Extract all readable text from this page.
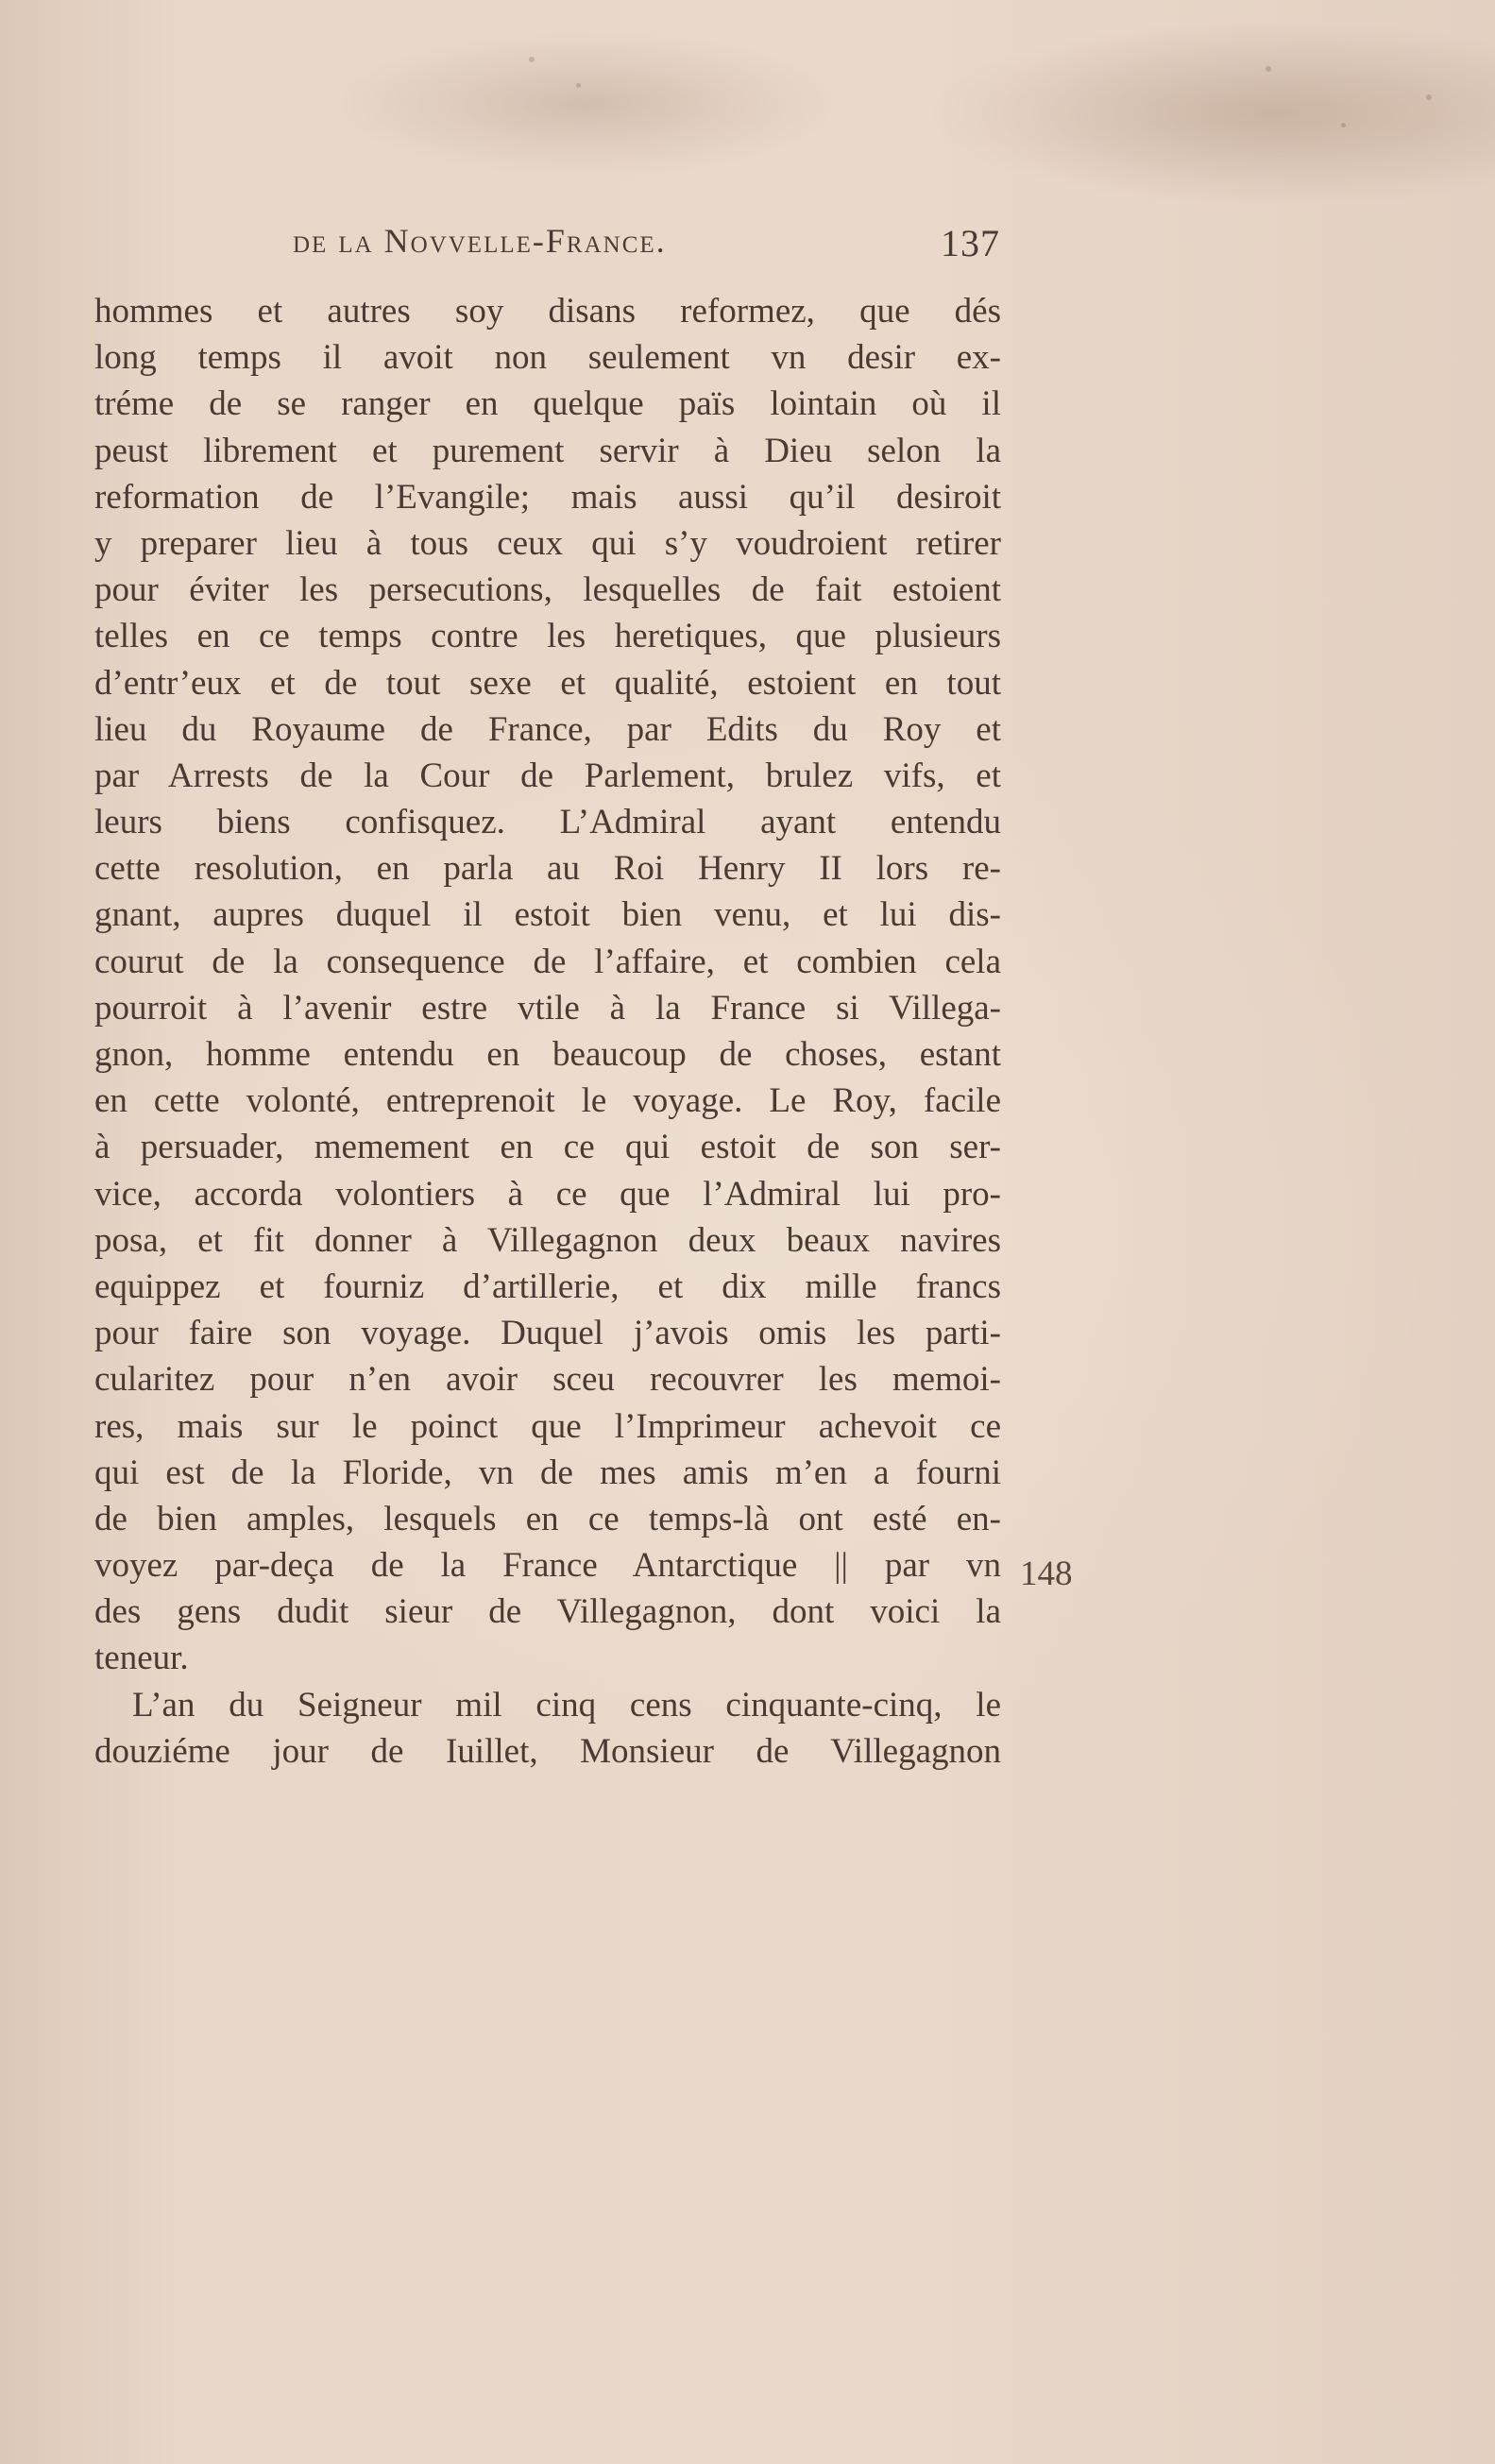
de la Novvelle-France.	137
hommes et autres soy disans reformez, que dés
long temps il avoit non seulement vn desir ex-
tréme de se ranger en quelque païs lointain où il
peust librement et purement servir à Dieu selon la
reformation de l’Evangile; mais aussi qu’il desiroit
y preparer lieu à tous ceux qui s’y voudroient retirer
pour éviter les persecutions, lesquelles de fait estoient
telles en ce temps contre les heretiques, que plusieurs
d’entr’eux et de tout sexe et qualité, estoient en tout
lieu du Royaume de France, par Edits du Roy et
par Arrests de la Cour de Parlement, brulez vifs, et
leurs biens confisquez. L’Admiral ayant entendu
cette resolution, en parla au Roi Henry II lors re-
gnant, aupres duquel il estoit bien venu, et lui dis-
courut de la consequence de l’affaire, et combien cela
pourroit à l’avenir estre vtile à la France si Villega-
gnon, homme entendu en beaucoup de choses, estant
en cette volonté, entreprenoit le voyage. Le Roy, facile
à persuader, memement en ce qui estoit de son ser-
vice, accorda volontiers à ce que l’Admiral lui pro-
posa, et fit donner à Villegagnon deux beaux navires
equippez et fourniz d’artillerie, et dix mille francs
pour faire son voyage. Duquel j’avois omis les parti-
cularitez pour n’en avoir sceu recouvrer les memoi-
res, mais sur le poinct que l’Imprimeur achevoit ce
qui est de la Floride, vn de mes amis m’en a fourni
de bien amples, lesquels en ce temps-là ont esté en-
voyez par-deça de la France Antarctique || par vn
des gens dudit sieur de Villegagnon, dont voici la
teneur.
L’an du Seigneur mil cinq cens cinquante-cinq, le
douziéme jour de Iuillet, Monsieur de Villegagnon
148
